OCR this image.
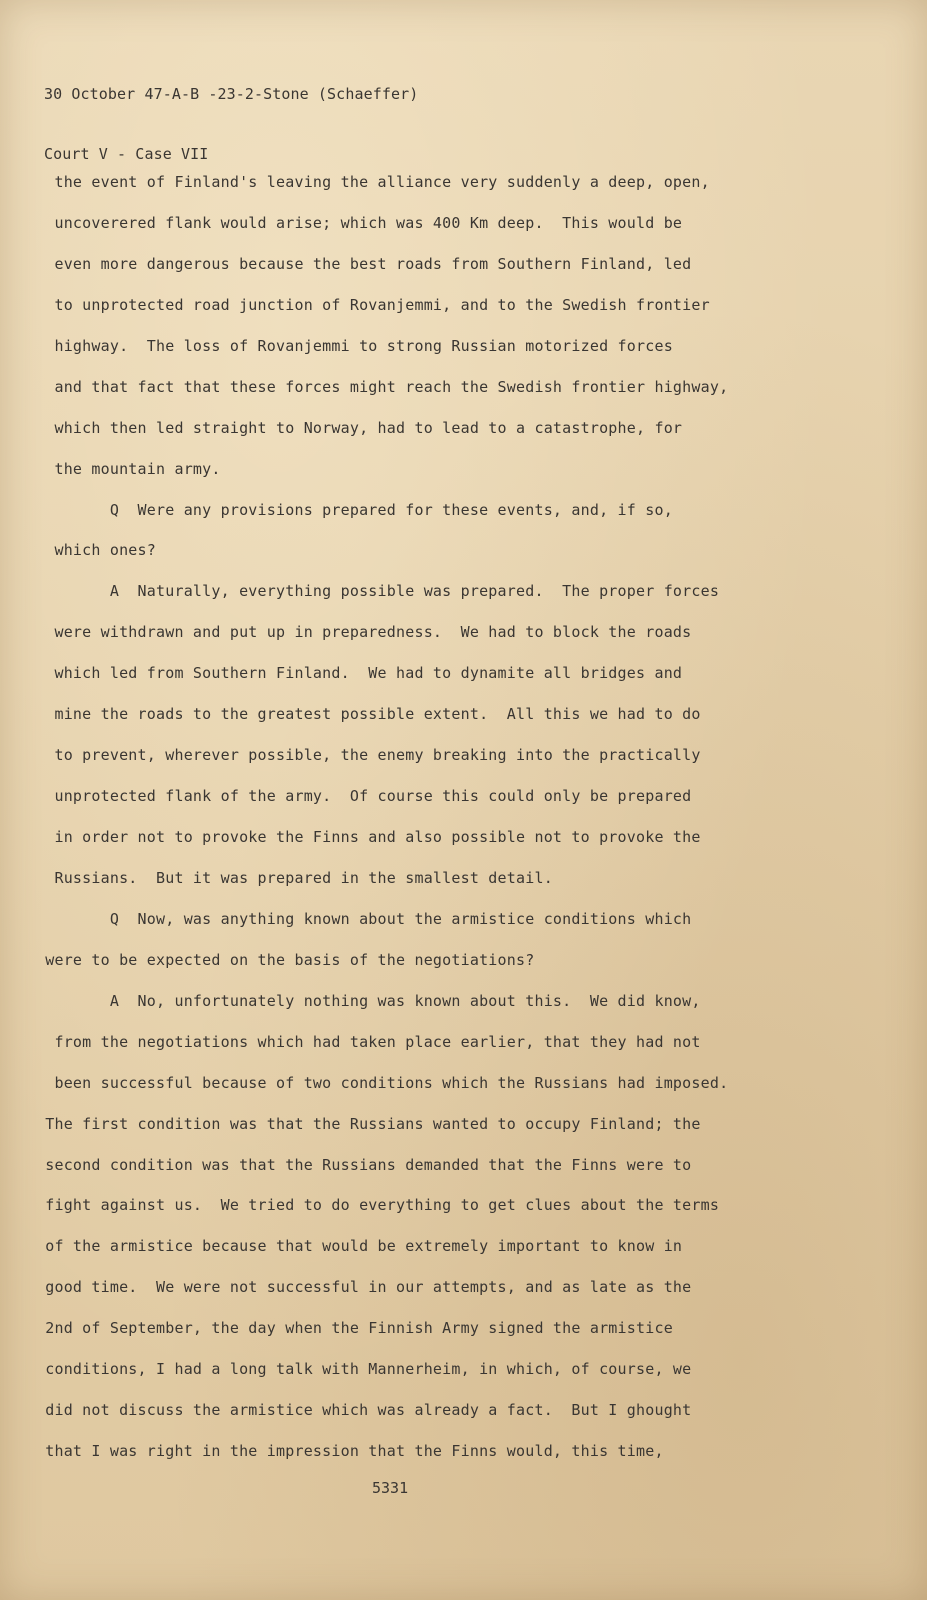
30 October 47-A-B -23-2-Stone (Schaeffer)

Court V - Case VII

the event of Finland's leaving the alliance very suddenly a deep, open,
uncoverered flank would arise; which was 400 Km deep.  This would be
even more dangerous because the best roads from Southern Finland, led
to unprotected road junction of Rovanjemmi, and to the Swedish frontier
highway.  The loss of Rovanjemmi to strong Russian motorized forces
and that fact that these forces might reach the Swedish frontier highway,
which then led straight to Norway, had to lead to a catastrophe, for
the mountain army.
Q  Were any provisions prepared for these events, and, if so,
which ones?
A  Naturally, everything possible was prepared.  The proper forces
were withdrawn and put up in preparedness.  We had to block the roads
which led from Southern Finland.  We had to dynamite all bridges and
mine the roads to the greatest possible extent.  All this we had to do
to prevent, wherever possible, the enemy breaking into the practically
unprotected flank of the army.  Of course this could only be prepared
in order not to provoke the Finns and also possible not to provoke the
Russians.  But it was prepared in the smallest detail.
Q  Now, was anything known about the armistice conditions which
were to be expected on the basis of the negotiations?
A  No, unfortunately nothing was known about this.  We did know,
from the negotiations which had taken place earlier, that they had not
been successful because of two conditions which the Russians had imposed.
The first condition was that the Russians wanted to occupy Finland; the
second condition was that the Russians demanded that the Finns were to
fight against us.  We tried to do everything to get clues about the terms
of the armistice because that would be extremely important to know in
good time.  We were not successful in our attempts, and as late as the
2nd of September, the day when the Finnish Army signed the armistice
conditions, I had a long talk with Mannerheim, in which, of course, we
did not discuss the armistice which was already a fact.  But I ghought
that I was right in the impression that the Finns would, this time,
5331
